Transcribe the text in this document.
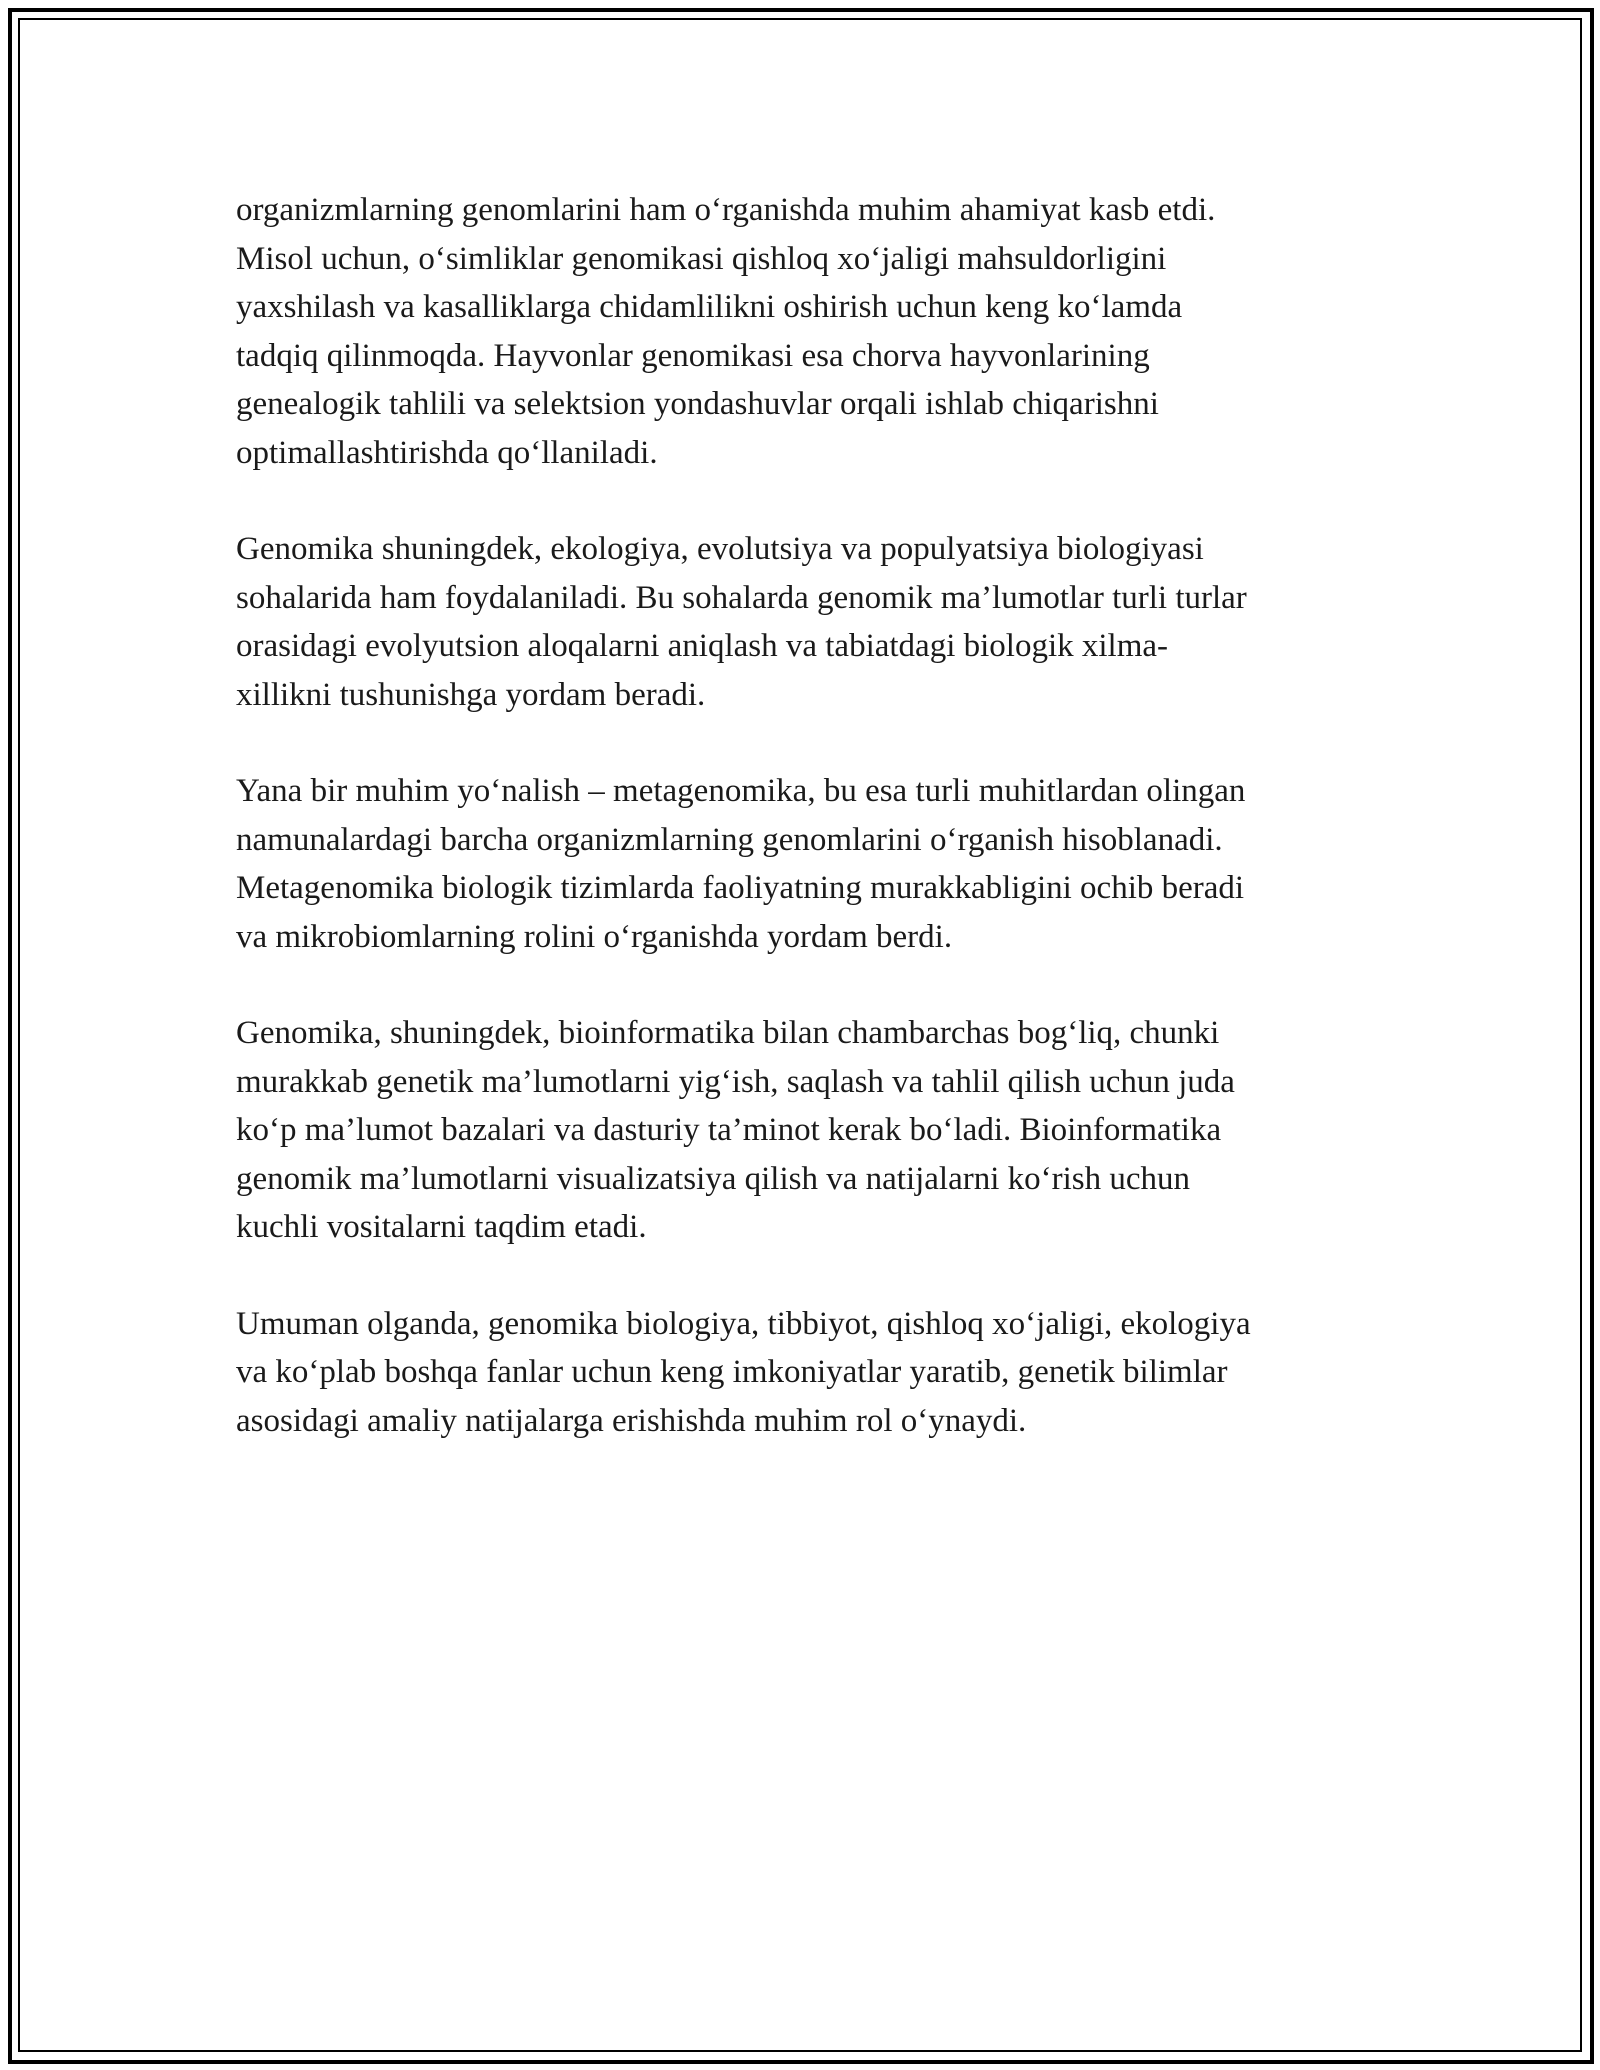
organizmlarning genomlarini ham o‘rganishda muhim ahamiyat kasb etdi.
Misol uchun, o‘simliklar genomikasi qishloq xo‘jaligi mahsuldorligini
yaxshilash va kasalliklarga chidamlilikni oshirish uchun keng ko‘lamda
tadqiq qilinmoqda. Hayvonlar genomikasi esa chorva hayvonlarining
genealogik tahlili va selektsion yondashuvlar orqali ishlab chiqarishni
optimallashtirishda qo‘llaniladi.

Genomika shuningdek, ekologiya, evolutsiya va populyatsiya biologiyasi
sohalarida ham foydalaniladi. Bu sohalarda genomik ma’lumotlar turli turlar
orasidagi evolyutsion aloqalarni aniqlash va tabiatdagi biologik xilma-
xillikni tushunishga yordam beradi.

Yana bir muhim yo‘nalish – metagenomika, bu esa turli muhitlardan olingan
namunalardagi barcha organizmlarning genomlarini o‘rganish hisoblanadi.
Metagenomika biologik tizimlarda faoliyatning murakkabligini ochib beradi
va mikrobiomlarning rolini o‘rganishda yordam berdi.

Genomika, shuningdek, bioinformatika bilan chambarchas bog‘liq, chunki
murakkab genetik ma’lumotlarni yig‘ish, saqlash va tahlil qilish uchun juda
ko‘p ma’lumot bazalari va dasturiy ta’minot kerak bo‘ladi. Bioinformatika
genomik ma’lumotlarni visualizatsiya qilish va natijalarni ko‘rish uchun
kuchli vositalarni taqdim etadi.

Umuman olganda, genomika biologiya, tibbiyot, qishloq xo‘jaligi, ekologiya
va ko‘plab boshqa fanlar uchun keng imkoniyatlar yaratib, genetik bilimlar
asosidagi amaliy natijalarga erishishda muhim rol o‘ynaydi.
